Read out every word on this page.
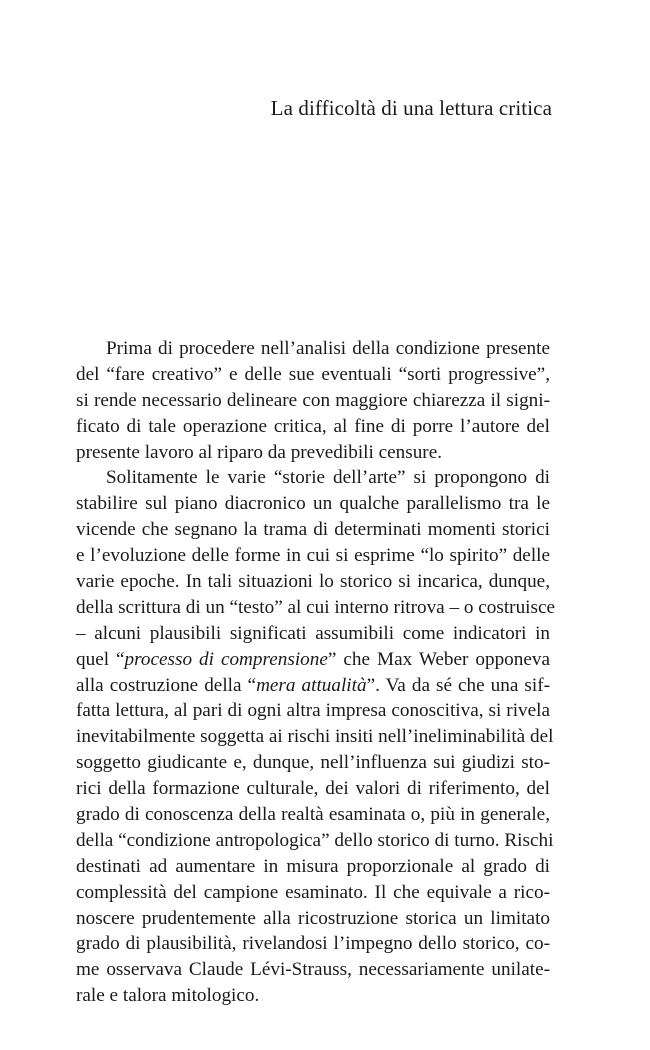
La difficoltà di una lettura critica
Prima di procedere nell’analisi della condizione presente
del “fare creativo” e delle sue eventuali “sorti progressive”,
si rende necessario delineare con maggiore chiarezza il signi-
ficato di tale operazione critica, al fine di porre l’autore del
presente lavoro al riparo da prevedibili censure.
Solitamente le varie “storie dell’arte” si propongono di
stabilire sul piano diacronico un qualche parallelismo tra le
vicende che segnano la trama di determinati momenti storici
e l’evoluzione delle forme in cui si esprime “lo spirito” delle
varie epoche. In tali situazioni lo storico si incarica, dunque,
della scrittura di un “testo” al cui interno ritrova – o costruisce
– alcuni plausibili significati assumibili come indicatori in
quel “processo di comprensione” che Max Weber opponeva
alla costruzione della “mera attualità”. Va da sé che una sif-
fatta lettura, al pari di ogni altra impresa conoscitiva, si rivela
inevitabilmente soggetta ai rischi insiti nell’ineliminabilità del
soggetto giudicante e, dunque, nell’influenza sui giudizi sto-
rici della formazione culturale, dei valori di riferimento, del
grado di conoscenza della realtà esaminata o, più in generale,
della “condizione antropologica” dello storico di turno. Rischi
destinati ad aumentare in misura proporzionale al grado di
complessità del campione esaminato. Il che equivale a rico-
noscere prudentemente alla ricostruzione storica un limitato
grado di plausibilità, rivelandosi l’impegno dello storico, co-
me osservava Claude Lévi-Strauss, necessariamente unilate-
rale e talora mitologico.
